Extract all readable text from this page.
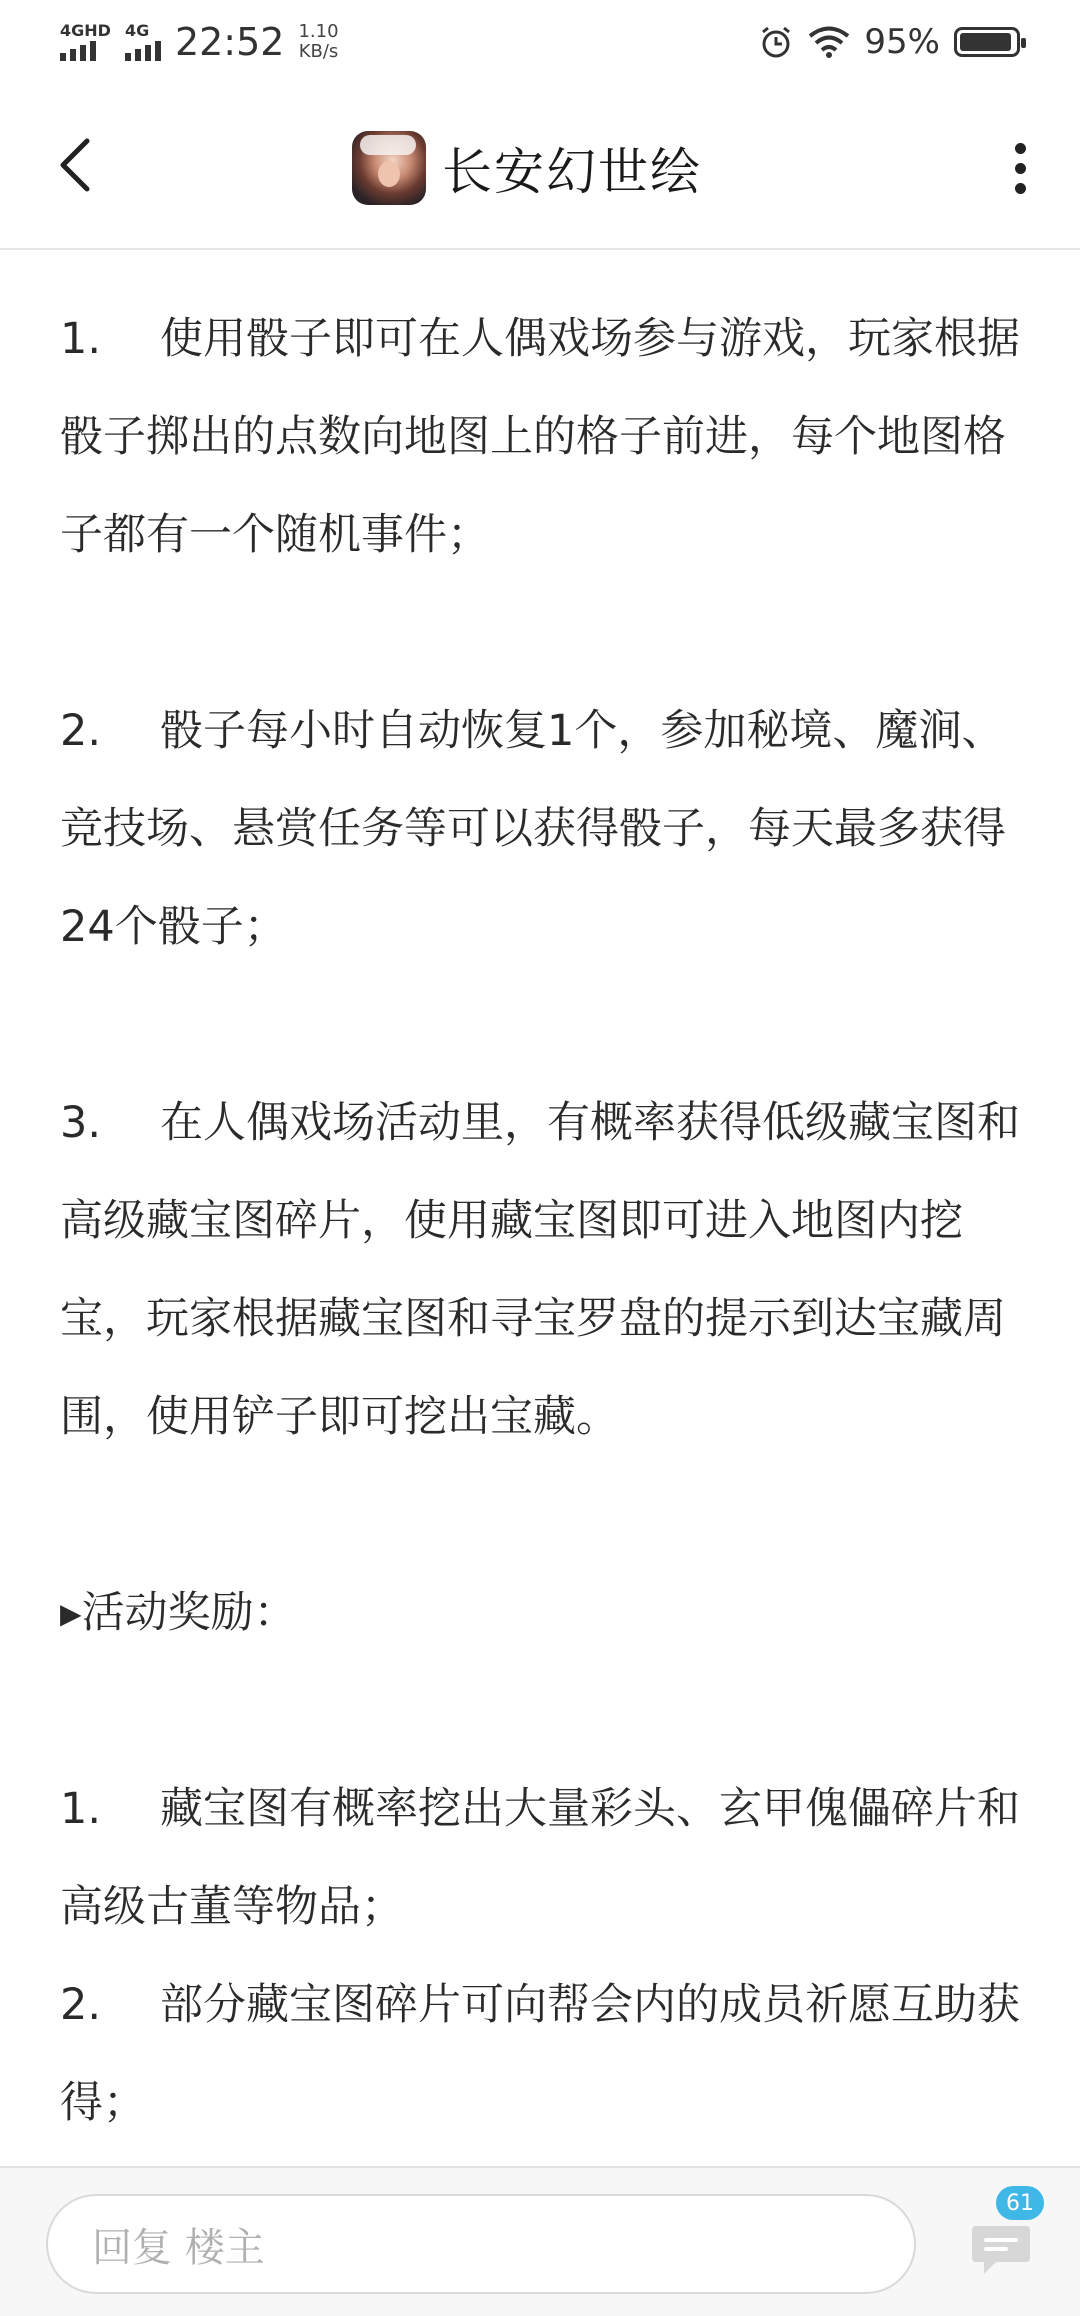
4GHD 4G 22:52 1.10
KB/s	95%
长安幻世绘

1. 使用骰子即可在人偶戏场参与游戏，玩家根据骰子掷出的点数向地图上的格子前进，每个地图格子都有一个随机事件；

2. 骰子每小时自动恢复1个，参加秘境、魔涧、竞技场、悬赏任务等可以获得骰子，每天最多获得24个骰子；

3. 在人偶戏场活动里，有概率获得低级藏宝图和高级藏宝图碎片，使用藏宝图即可进入地图内挖宝，玩家根据藏宝图和寻宝罗盘的提示到达宝藏周围，使用铲子即可挖出宝藏。

▸活动奖励：

1. 藏宝图有概率挖出大量彩头、玄甲傀儡碎片和高级古董等物品；

2. 部分藏宝图碎片可向帮会内的成员祈愿互助获得；

回复 楼主
61
